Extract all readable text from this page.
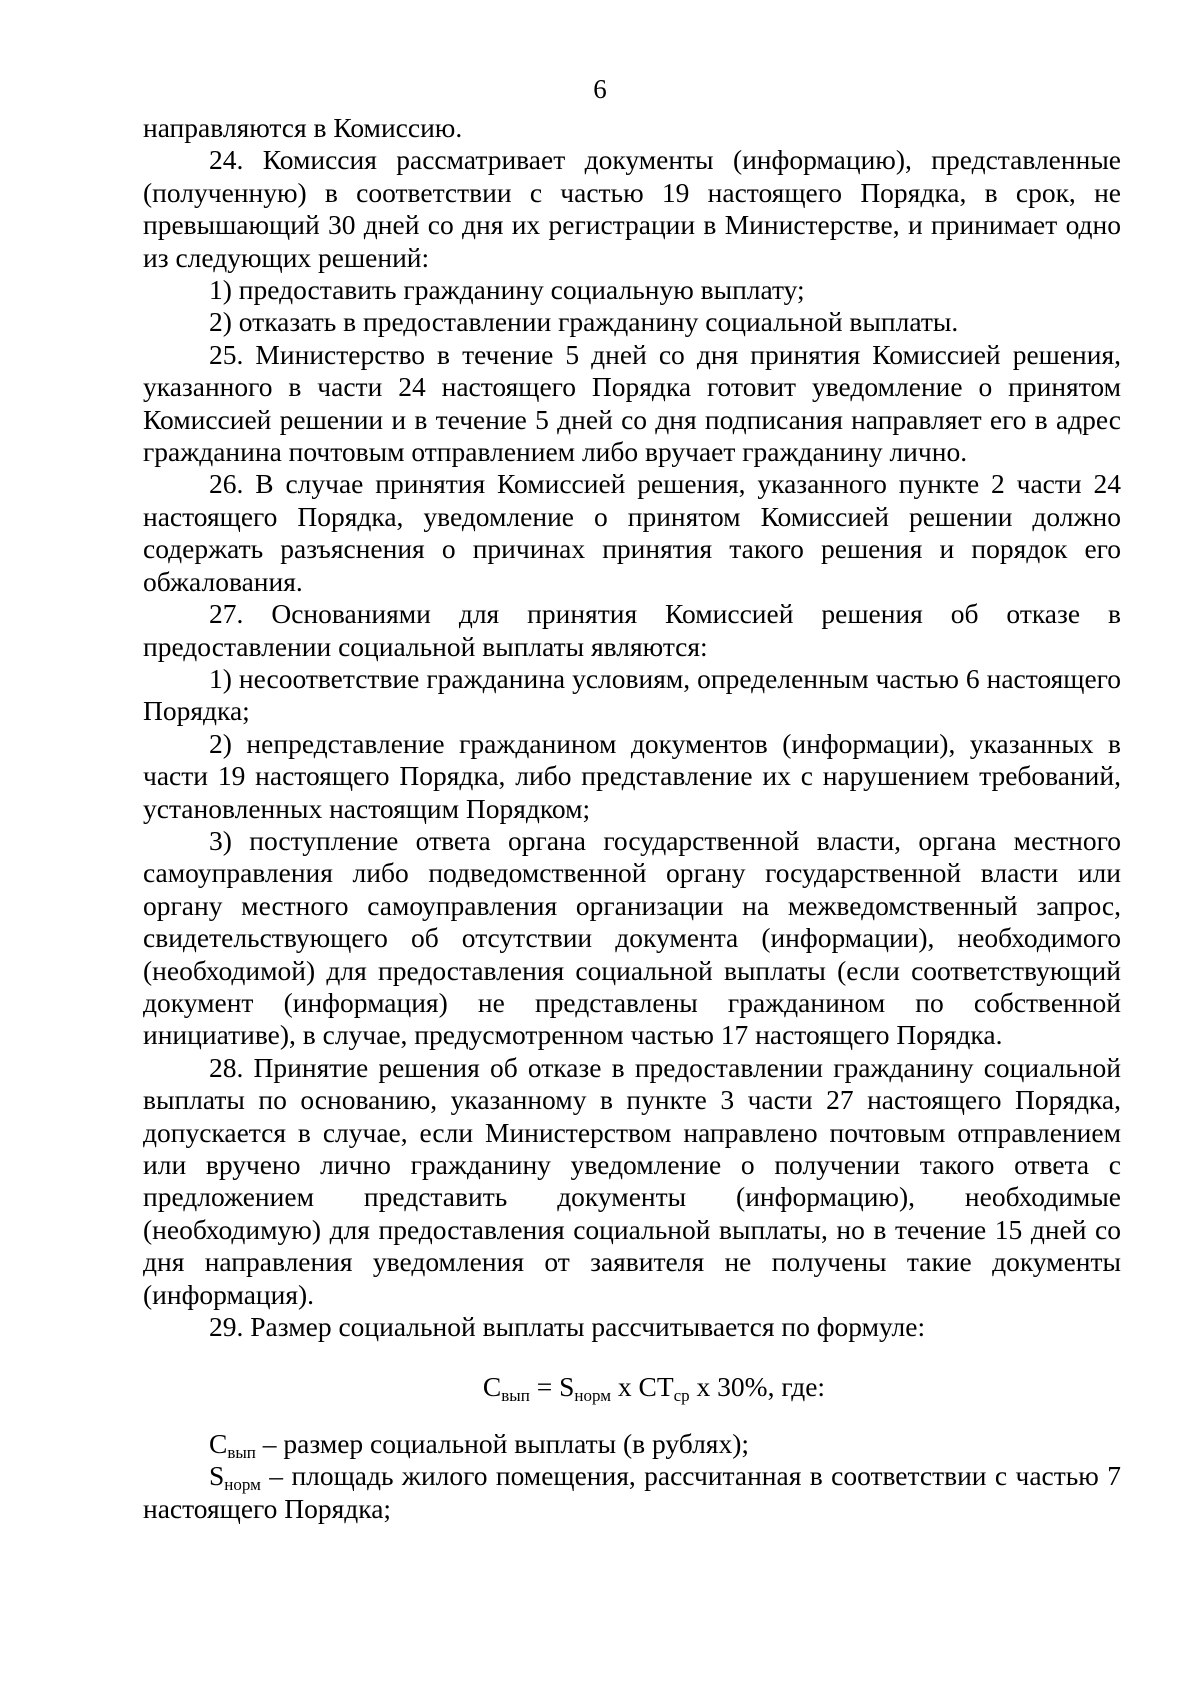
6

направляются в Комиссию.

24. Комиссия рассматривает документы (информацию), представленные (полученную) в соответствии с частью 19 настоящего Порядка, в срок, не превышающий 30 дней со дня их регистрации в Министерстве, и принимает одно из следующих решений:

1) предоставить гражданину социальную выплату;

2) отказать в предоставлении гражданину социальной выплаты.

25. Министерство в течение 5 дней со дня принятия Комиссией решения, указанного в части 24 настоящего Порядка готовит уведомление о принятом Комиссией решении и в течение 5 дней со дня подписания направляет его в адрес гражданина почтовым отправлением либо вручает гражданину лично.

26. В случае принятия Комиссией решения, указанного пункте 2 части 24 настоящего Порядка, уведомление о принятом Комиссией решении должно содержать разъяснения о причинах принятия такого решения и порядок его обжалования.

27. Основаниями для принятия Комиссией решения об отказе в предоставлении социальной выплаты являются:

1) несоответствие гражданина условиям, определенным частью 6 настоящего Порядка;

2) непредставление гражданином документов (информации), указанных в части 19 настоящего Порядка, либо представление их с нарушением требований, установленных настоящим Порядком;

3) поступление ответа органа государственной власти, органа местного самоуправления либо подведомственной органу государственной власти или органу местного самоуправления организации на межведомственный запрос, свидетельствующего об отсутствии документа (информации), необходимого (необходимой) для предоставления социальной выплаты (если соответствующий документ (информация) не представлены гражданином по собственной инициативе), в случае, предусмотренном частью 17 настоящего Порядка.

28. Принятие решения об отказе в предоставлении гражданину социальной выплаты по основанию, указанному в пункте 3 части 27 настоящего Порядка, допускается в случае, если Министерством направлено почтовым отправлением или вручено лично гражданину уведомление о получении такого ответа с предложением представить документы (информацию), необходимые (необходимую) для предоставления социальной выплаты, но в течение 15 дней со дня направления уведомления от заявителя не получены такие документы (информация).

29. Размер социальной выплаты рассчитывается по формуле:

$С_{вып} = S_{норм}$ х $СТ_{ср}$ х 30%, где:

$С_{вып}$ – размер социальной выплаты (в рублях);

$S_{норм}$ – площадь жилого помещения, рассчитанная в соответствии с частью 7 настоящего Порядка;
